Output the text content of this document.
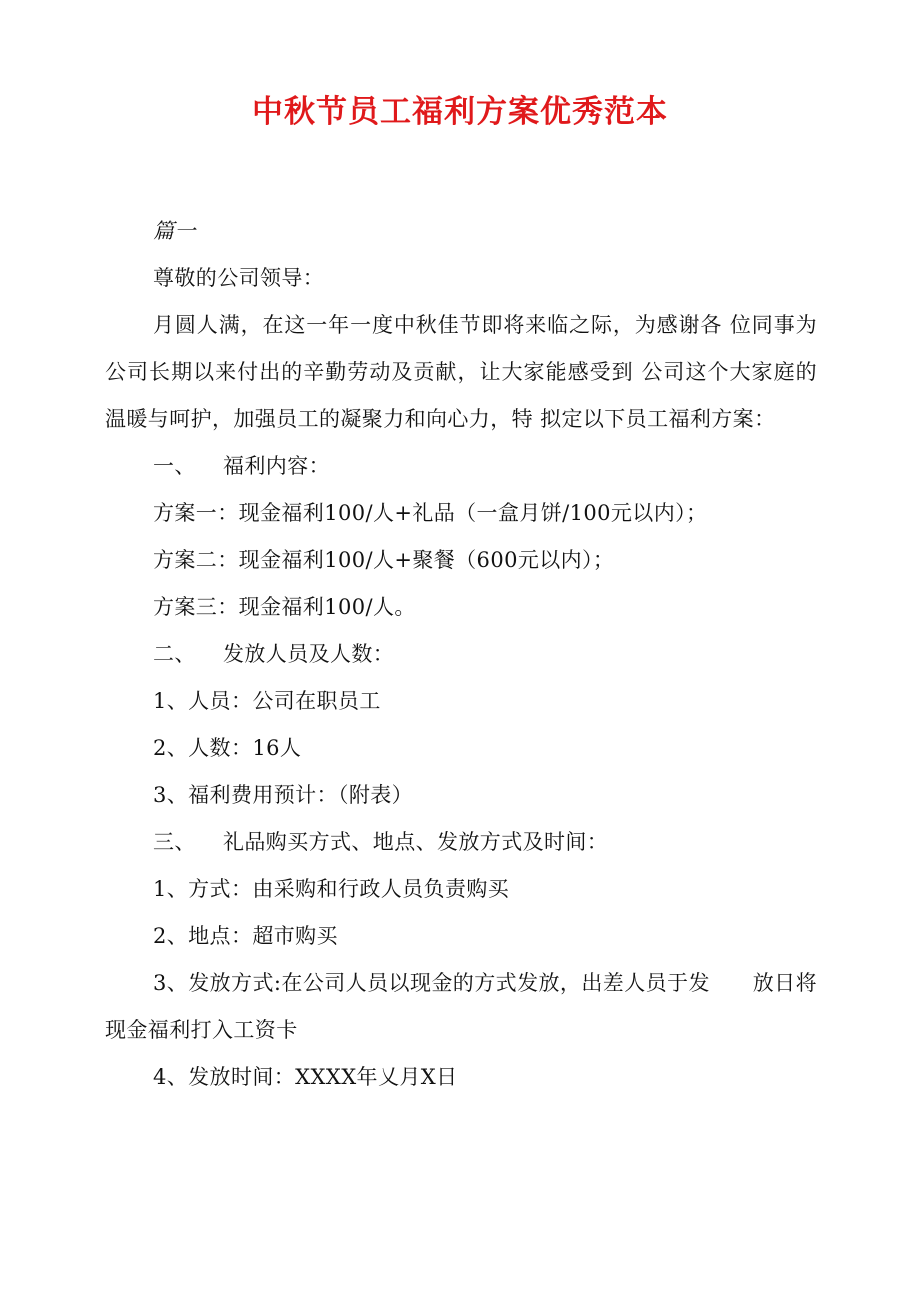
中秋节员工福利方案优秀范本

篇一

尊敬的公司领导：

月圆人满，在这一年一度中秋佳节即将来临之际，为感谢各 位同事为公司长期以来付出的辛勤劳动及贡献，让大家能感受到 公司这个大家庭的温暖与呵护，加强员工的凝聚力和向心力，特 拟定以下员工福利方案：

一、 福利内容：

方案一：现金福利100/人+礼品（一盒月饼/100元以内）；

方案二：现金福利100/人+聚餐（600元以内）；

方案三：现金福利100/人。

二、 发放人员及人数：

1、人员：公司在职员工

2、人数：16人

3、福利费用预计：（附表）

三、 礼品购买方式、地点、发放方式及时间：

1、方式：由采购和行政人员负责购买

2、地点：超市购买

3、发放方式:在公司人员以现金的方式发放，出差人员于发　　放日将现金福利打入工资卡

4、发放时间：XXXX年乂月X日
